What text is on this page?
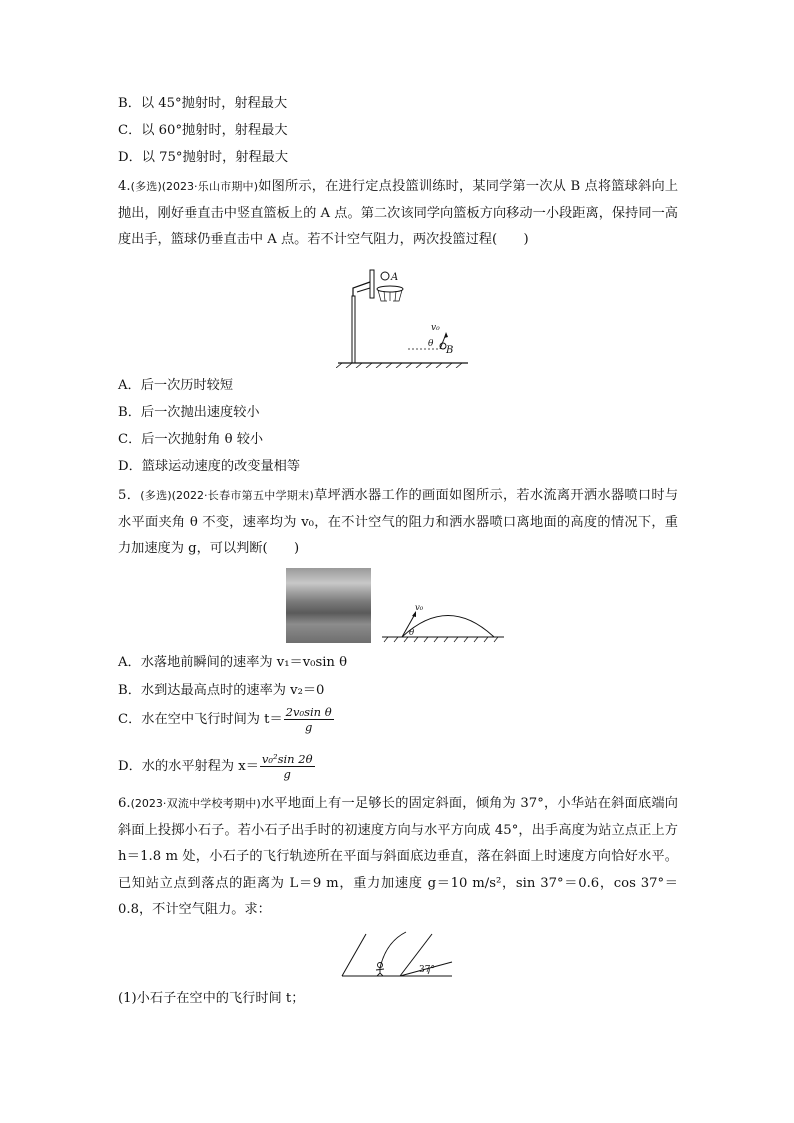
B．以 45°抛射时，射程最大
C．以 60°抛射时，射程最大
D．以 75°抛射时，射程最大
4.(多选)(2023·乐山市期中)如图所示，在进行定点投篮训练时，某同学第一次从 B 点将篮球斜向上抛出，刚好垂直击中竖直篮板上的 A 点。第二次该同学向篮板方向移动一小段距离，保持同一高度出手，篮球仍垂直击中 A 点。若不计空气阻力，两次投篮过程(　　)
A
v₀
θ
B
A．后一次历时较短
B．后一次抛出速度较小
C．后一次抛射角 θ 较小
D．篮球运动速度的改变量相等
5．(多选)(2022·长春市第五中学期末)草坪洒水器工作的画面如图所示，若水流离开洒水器喷口时与水平面夹角 θ 不变，速率均为 v₀，在不计空气的阻力和洒水器喷口离地面的高度的情况下，重力加速度为 g，可以判断(　　)
v₀
θ
A．水落地前瞬间的速率为 v₁＝v₀sin θ
B．水到达最高点时的速率为 v₂＝0
C．水在空中飞行时间为 $t= \frac{\text{2v₀sin θ}}{g}$
D．水的水平射程为 $x= \frac{\text{v₀²sin 2θ}}{g}$
6.(2023·双流中学校考期中)水平地面上有一足够长的固定斜面，倾角为 37°，小华站在斜面底端向斜面上投掷小石子。若小石子出手时的初速度方向与水平方向成 45°，出手高度为站立点正上方 h＝1.8 m 处，小石子的飞行轨迹所在平面与斜面底边垂直，落在斜面上时速度方向恰好水平。已知站立点到落点的距离为 L＝9 m，重力加速度 g＝10 m/s²，sin 37°＝0.6，cos 37°＝0.8，不计空气阻力。求：
37°
(1)小石子在空中的飞行时间 t；
